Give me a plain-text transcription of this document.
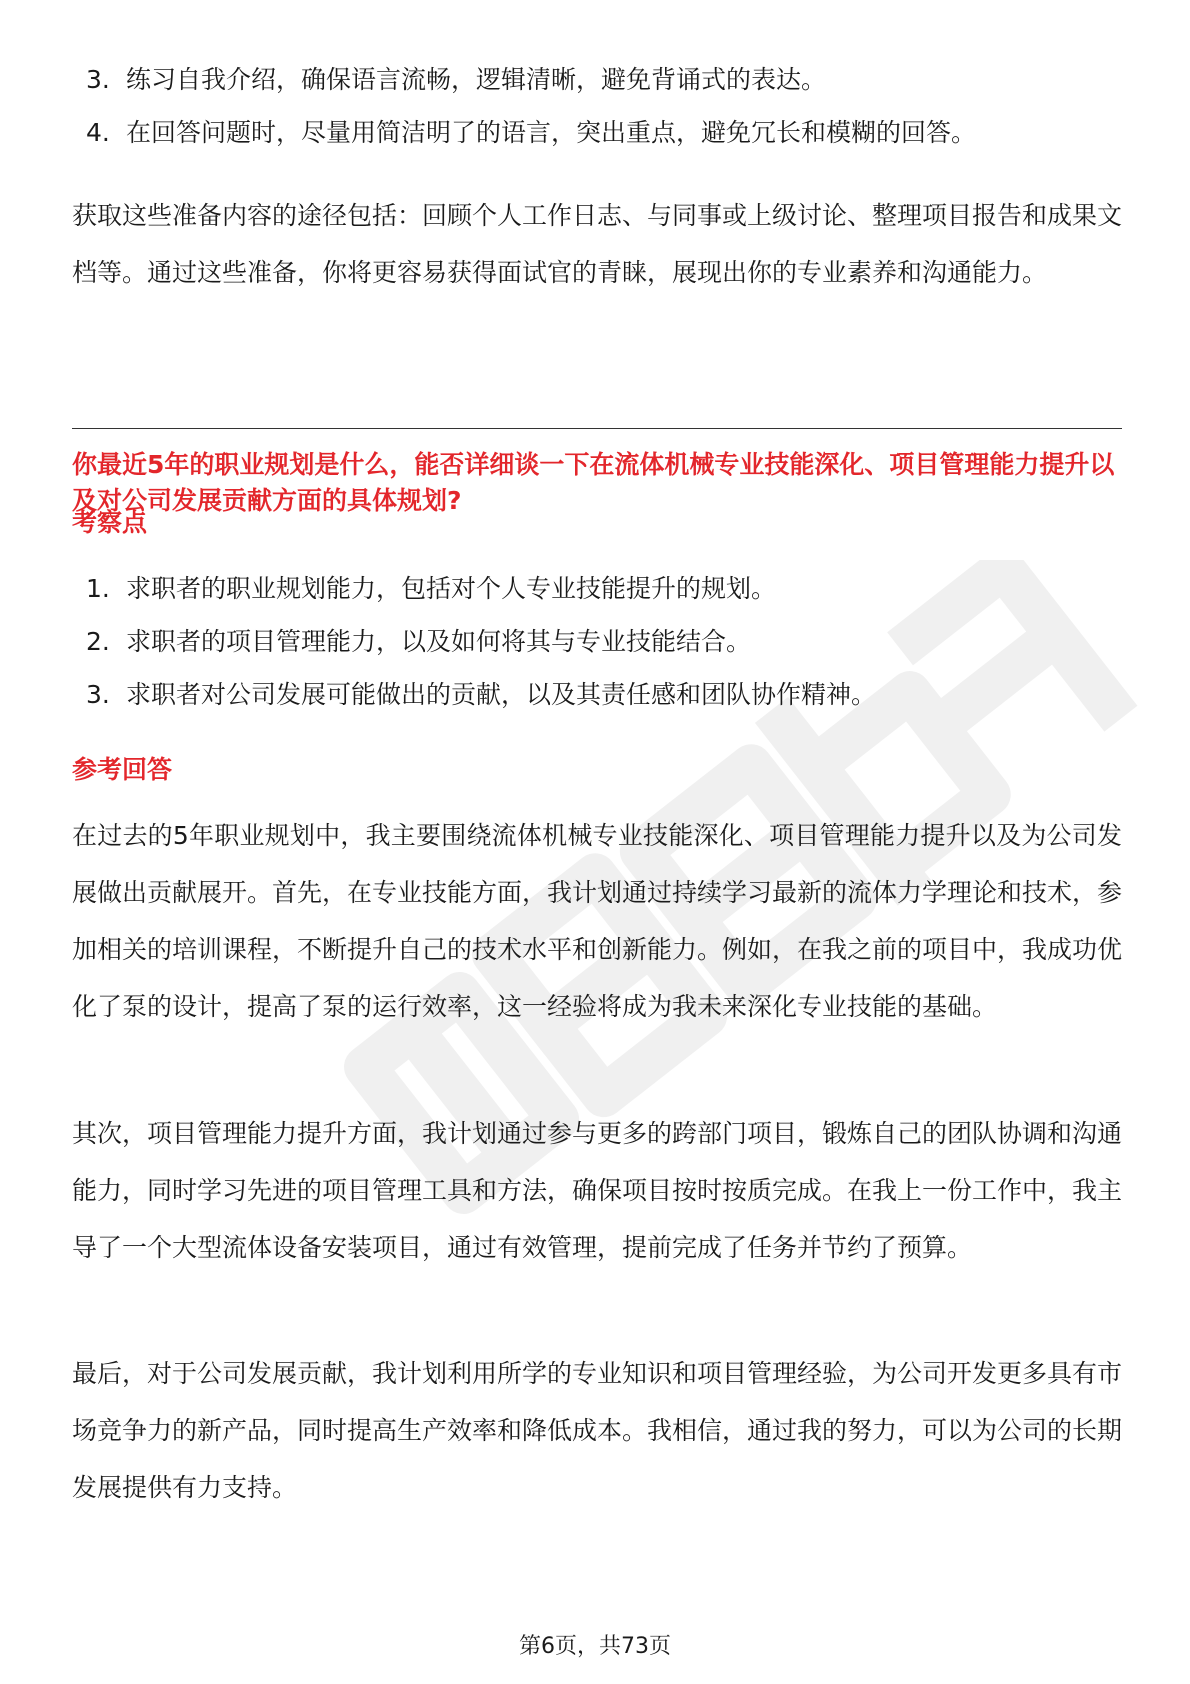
3. 练习自我介绍，确保语言流畅，逻辑清晰，避免背诵式的表达。
4. 在回答问题时，尽量用简洁明了的语言，突出重点，避免冗长和模糊的回答。

获取这些准备内容的途径包括：回顾个人工作日志、与同事或上级讨论、整理项目报告和成果文档等。通过这些准备，你将更容易获得面试官的青睐，展现出你的专业素养和沟通能力。

你最近5年的职业规划是什么，能否详细谈一下在流体机械专业技能深化、项目管理能力提升以及对公司发展贡献方面的具体规划?
考察点
1. 求职者的职业规划能力，包括对个人专业技能提升的规划。
2. 求职者的项目管理能力，以及如何将其与专业技能结合。
3. 求职者对公司发展可能做出的贡献，以及其责任感和团队协作精神。
参考回答

在过去的5年职业规划中，我主要围绕流体机械专业技能深化、项目管理能力提升以及为公司发展做出贡献展开。首先，在专业技能方面，我计划通过持续学习最新的流体力学理论和技术，参加相关的培训课程，不断提升自己的技术水平和创新能力。例如，在我之前的项目中，我成功优化了泵的设计，提高了泵的运行效率，这一经验将成为我未来深化专业技能的基础。

其次，项目管理能力提升方面，我计划通过参与更多的跨部门项目，锻炼自己的团队协调和沟通能力，同时学习先进的项目管理工具和方法，确保项目按时按质完成。在我上一份工作中，我主导了一个大型流体设备安装项目，通过有效管理，提前完成了任务并节约了预算。

最后，对于公司发展贡献，我计划利用所学的专业知识和项目管理经验，为公司开发更多具有市场竞争力的新产品，同时提高生产效率和降低成本。我相信，通过我的努力，可以为公司的长期发展提供有力支持。

第6页，共73页
